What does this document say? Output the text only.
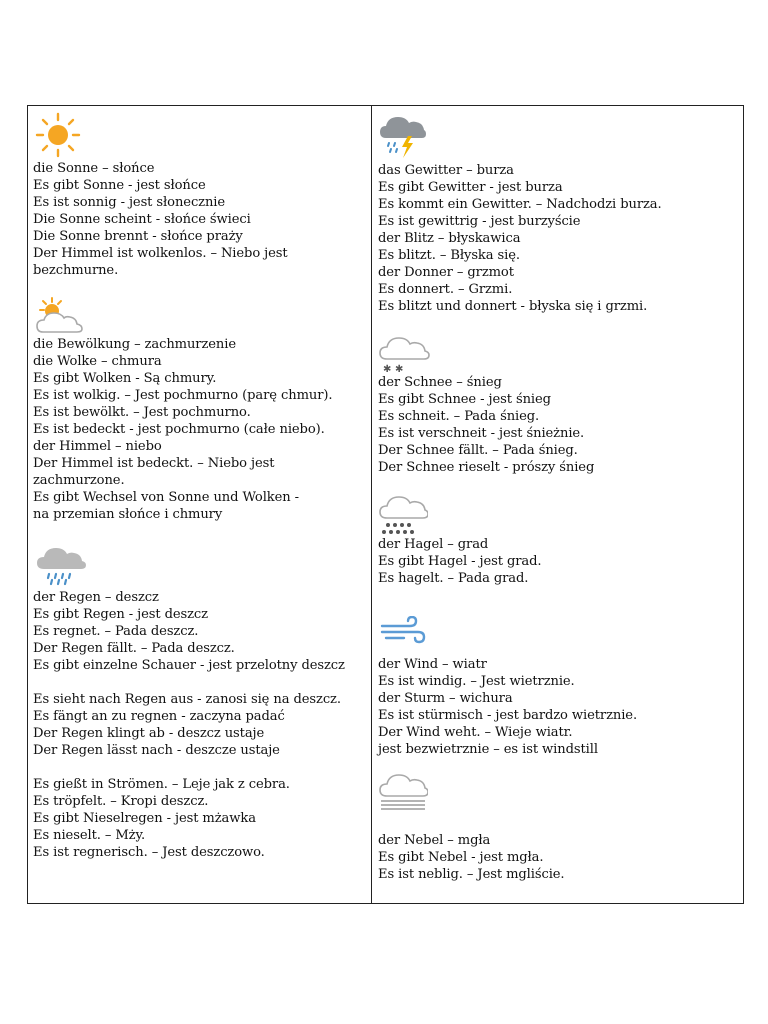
die Sonne – słońce
Es gibt Sonne - jest słońce
Es ist sonnig - jest słonecznie
Die Sonne scheint - słońce świeci
Die Sonne brennt - słońce praży
Der Himmel ist wolkenlos. – Niebo jest
bezchmurne.
die Bewölkung – zachmurzenie
die Wolke – chmura
Es gibt Wolken - Są chmury.
Es ist wolkig. – Jest pochmurno (parę chmur).
Es ist bewölkt. – Jest pochmurno.
Es ist bedeckt - jest pochmurno (całe niebo).
der Himmel – niebo
Der Himmel ist bedeckt. – Niebo jest
zachmurzone.
Es gibt Wechsel von Sonne und Wolken -
na przemian słońce i chmury
der Regen – deszcz
Es gibt Regen - jest deszcz
Es regnet. – Pada deszcz.
Der Regen fällt. – Pada deszcz.
Es gibt einzelne Schauer - jest przelotny deszcz
Es sieht nach Regen aus - zanosi się na deszcz.
Es fängt an zu regnen - zaczyna padać
Der Regen klingt ab - deszcz ustaje
Der Regen lässt nach - deszcze ustaje
Es gießt in Strömen. – Leje jak z cebra.
Es tröpfelt. – Kropi deszcz.
Es gibt Nieselregen - jest mżawka
Es nieselt. – Mży.
Es ist regnerisch. – Jest deszczowo.
das Gewitter – burza
Es gibt Gewitter - jest burza
Es kommt ein Gewitter. – Nadchodzi burza.
Es ist gewittrig - jest burzyście
der Blitz – błyskawica
Es blitzt. – Błyska się.
der Donner – grzmot
Es donnert. – Grzmi.
Es blitzt und donnert - błyska się i grzmi.
✱ ✱
der Schnee – śnieg
Es gibt Schnee - jest śnieg
Es schneit. – Pada śnieg.
Es ist verschneit - jest śnieżnie.
Der Schnee fällt. – Pada śnieg.
Der Schnee rieselt - prószy śnieg
der Hagel – grad
Es gibt Hagel - jest grad.
Es hagelt. – Pada grad.
der Wind – wiatr
Es ist windig. – Jest wietrznie.
der Sturm – wichura
Es ist stürmisch - jest bardzo wietrznie.
Der Wind weht. – Wieje wiatr.
jest bezwietrznie – es ist windstill
der Nebel – mgła
Es gibt Nebel - jest mgła.
Es ist neblig. – Jest mgliście.
